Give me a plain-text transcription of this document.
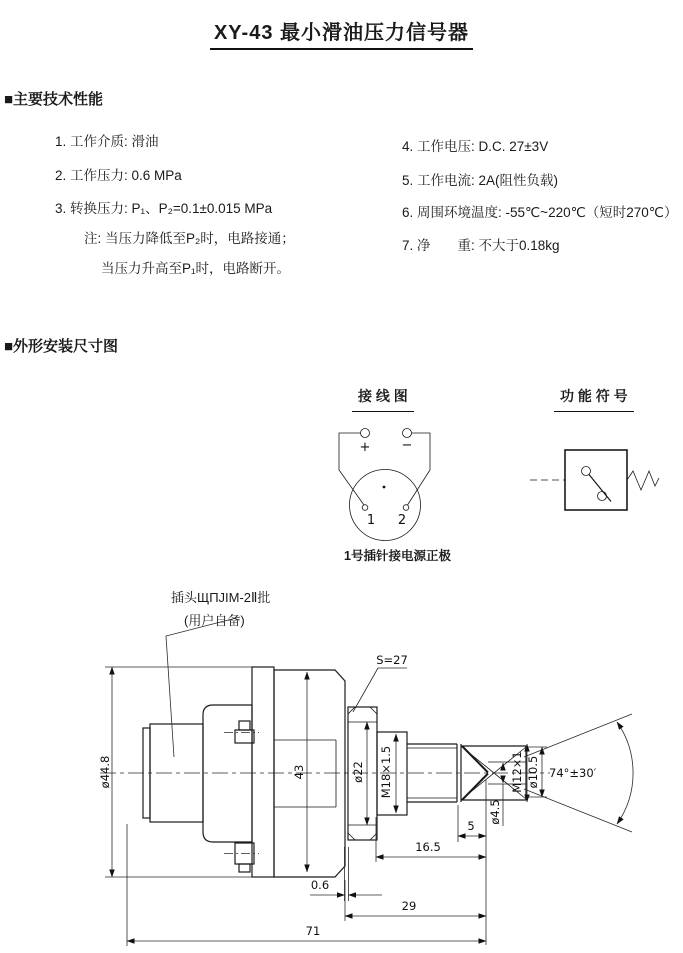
XY-43 最小滑油压力信号器
■主要技术性能
1. 工作介质: 滑油
2. 工作压力: 0.6 MPa
3. 转换压力: P₁、P₂=0.1±0.015 MPa
注: 当压力降低至P₂时，电路接通；
当压力升高至P₁时，电路断开。
4. 工作电压: D.C. 27±3V
5. 工作电流: 2A(阻性负载)
6. 周围环境温度: -55℃~220℃（短时270℃）
7. 净　　重: 不大于0.18kg
■外形安装尺寸图
接 线 图	功 能 符 号
1号插针接电源正极
插头ЩПJIM-2Ⅱ批
(用户自备)
+ −
1 2
ø44.8	43	ø22 M18×1.5	M12×1 ø10.5
ø4.5
74°±30′
5
16.5
0.6
29
71
S=27
